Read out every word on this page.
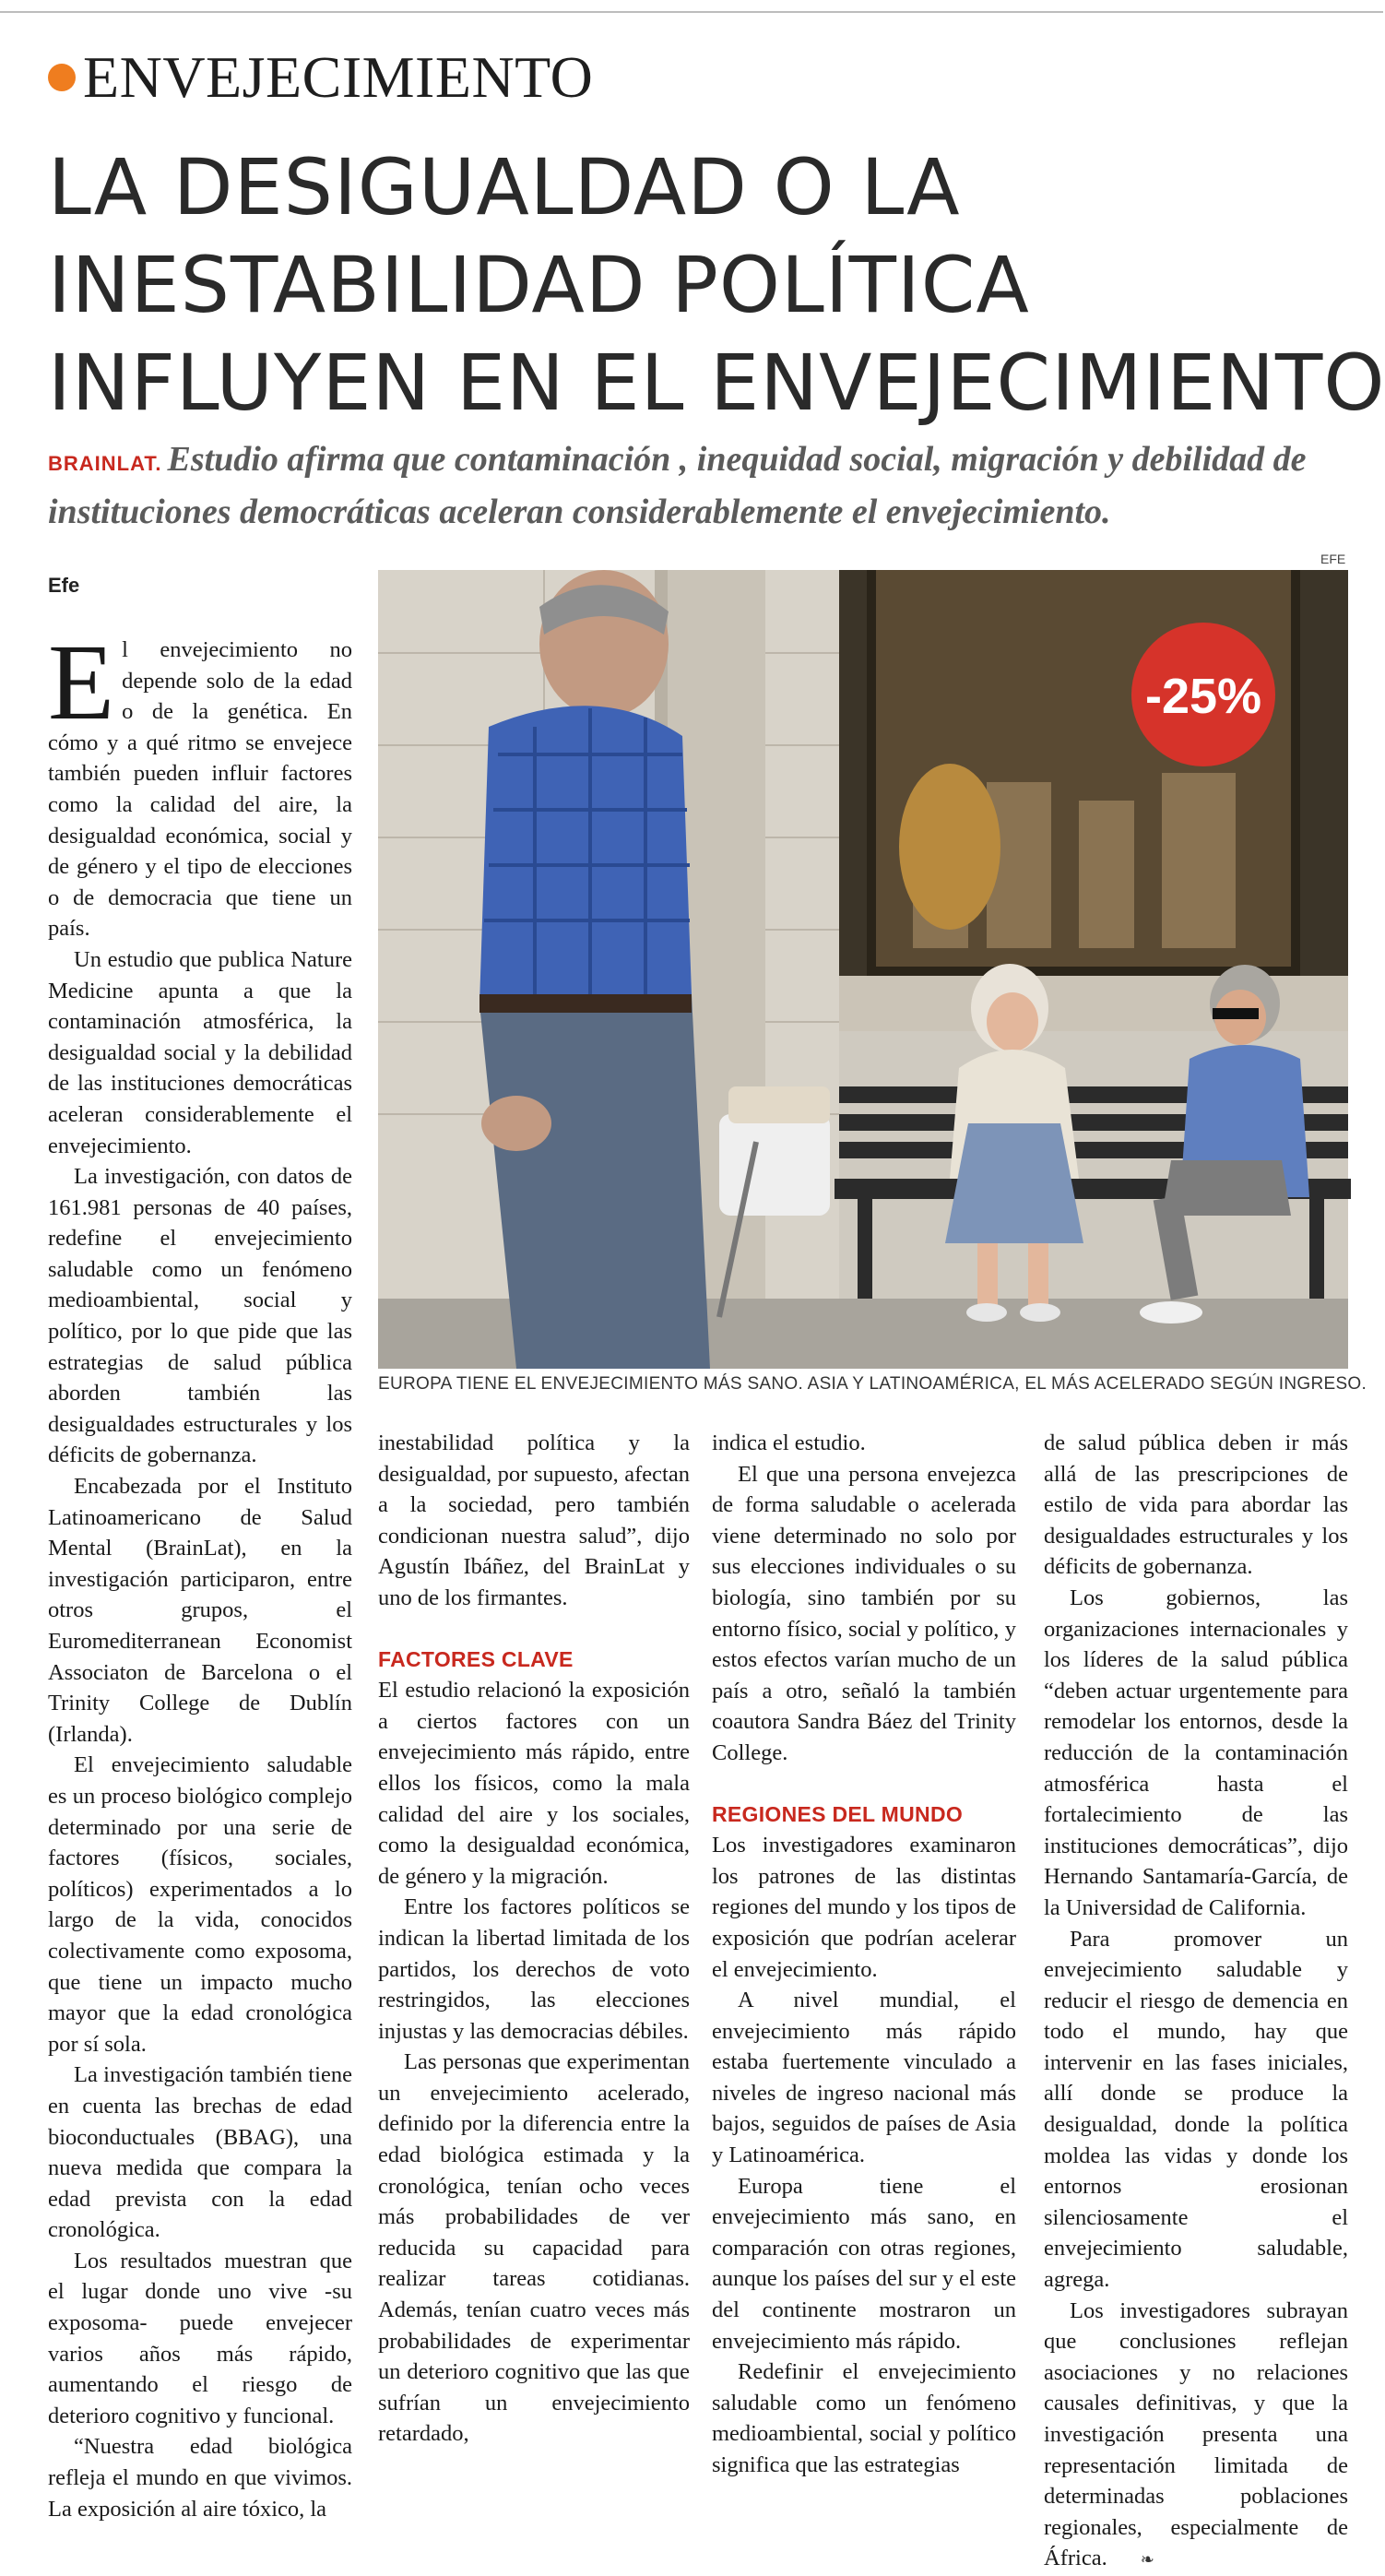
ENVEJECIMIENTO
LA DESIGUALDAD O LA
INESTABILIDAD POLÍTICA
INFLUYEN EN EL ENVEJECIMIENTO
BRAINLAT. Estudio afirma que contaminación , inequidad social, migración y debilidad de instituciones democráticas aceleran considerablemente el envejecimiento.
Efe
EFE
-25%
EUROPA TIENE EL ENVEJECIMIENTO MÁS SANO. ASIA Y LATINOAMÉRICA, EL MÁS ACELERADO SEGÚN INGRESO.

El envejecimiento no depende solo de la edad o de la genética. En cómo y a qué ritmo se envejece también pueden influir factores como la calidad del aire, la desigualdad económica, social y de género y el tipo de elecciones o de democracia que tiene un país.

Un estudio que publica Nature Medicine apunta a que la contaminación atmosférica, la desigualdad social y la debilidad de las instituciones democráticas aceleran considerablemente el envejecimiento.

La investigación, con datos de 161.981 personas de 40 países, redefine el envejecimiento saludable como un fenómeno medioambiental, social y político, por lo que pide que las estrategias de salud pública aborden también las desigualdades estructurales y los déficits de gobernanza.

Encabezada por el Instituto Latinoamericano de Salud Mental (BrainLat), en la investigación participaron, entre otros grupos, el Euromediterranean Economist Associaton de Barcelona o el Trinity College de Dublín (Irlanda).

El envejecimiento saludable es un proceso biológico complejo determinado por una serie de factores (físicos, sociales, políticos) experimentados a lo largo de la vida, conocidos colectivamente como exposoma, que tiene un impacto mucho mayor que la edad cronológica por sí sola.

La investigación también tiene en cuenta las brechas de edad bioconductuales (BBAG), una nueva medida que compara la edad prevista con la edad cronológica.

Los resultados muestran que el lugar donde uno vive -su exposoma- puede envejecer varios años más rápido, aumentando el riesgo de deterioro cognitivo y funcional.

“Nuestra edad biológica refleja el mundo en que vivimos. La exposición al aire tóxico, la

inestabilidad política y la desigualdad, por supuesto, afectan a la sociedad, pero también condicionan nuestra salud”, dijo Agustín Ibáñez, del BrainLat y uno de los firmantes.

FACTORES CLAVE

El estudio relacionó la exposición a ciertos factores con un envejecimiento más rápido, entre ellos los físicos, como la mala calidad del aire y los sociales, como la desigualdad económica, de género y la migración.

Entre los factores políticos se indican la libertad limitada de los partidos, los derechos de voto restringidos, las elecciones injustas y las democracias débiles.

Las personas que experimentan un envejecimiento acelerado, definido por la diferencia entre la edad biológica estimada y la cronológica, tenían ocho veces más probabilidades de ver reducida su capacidad para realizar tareas cotidianas. Además, tenían cuatro veces más probabilidades de experimentar un deterioro cognitivo que las que sufrían un envejecimiento retardado,

indica el estudio.

El que una persona envejezca de forma saludable o acelerada viene determinado no solo por sus elecciones individuales o su biología, sino también por su entorno físico, social y político, y estos efectos varían mucho de un país a otro, señaló la también coautora Sandra Báez del Trinity College.

REGIONES DEL MUNDO

Los investigadores examinaron los patrones de las distintas regiones del mundo y los tipos de exposición que podrían acelerar el envejecimiento.

A nivel mundial, el envejecimiento más rápido estaba fuertemente vinculado a niveles de ingreso nacional más bajos, seguidos de países de Asia y Latinoamérica.

Europa tiene el envejecimiento más sano, en comparación con otras regiones, aunque los países del sur y el este del continente mostraron un envejecimiento más rápido.

Redefinir el envejecimiento saludable como un fenómeno medioambiental, social y político significa que las estrategias

de salud pública deben ir más allá de las prescripciones de estilo de vida para abordar las desigualdades estructurales y los déficits de gobernanza.

Los gobiernos, las organizaciones internacionales y los líderes de la salud pública “deben actuar urgentemente para remodelar los entornos, desde la reducción de la contaminación atmosférica hasta el fortalecimiento de las instituciones democráticas”, dijo Hernando Santamaría-García, de la Universidad de California.

Para promover un envejecimiento saludable y reducir el riesgo de demencia en todo el mundo, hay que intervenir en las fases iniciales, allí donde se produce la desigualdad, donde la política moldea las vidas y donde los entornos erosionan silenciosamente el envejecimiento saludable, agrega.

Los investigadores subrayan que conclusiones reflejan asociaciones y no relaciones causales definitivas, y que la investigación presenta una representación limitada de determinadas poblaciones regionales, especialmente de África. ❧
